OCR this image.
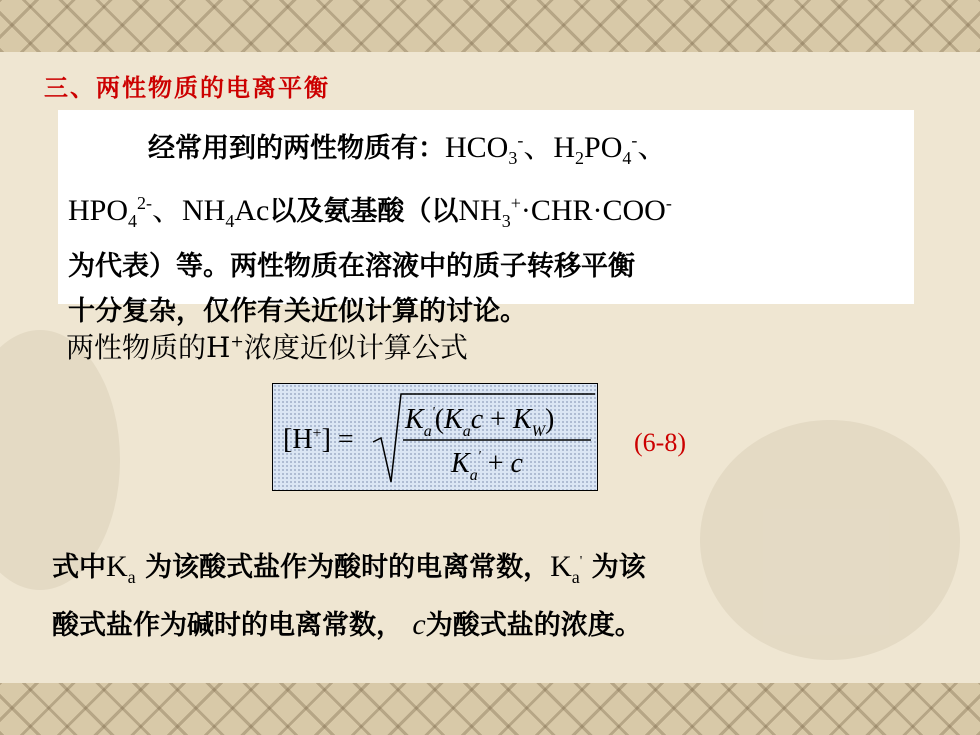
三、两性物质的电离平衡

经常用到的两性物质有：$HCO_3^-$、$H_2PO_4^-$、
$HPO_4^{2-}$、$NH_4Ac$以及氨基酸（以$NH_3^+\cdot CHR\cdot COO^-$
为代表）等。两性物质在溶液中的质子转移平衡
十分复杂，仅作有关近似计算的讨论。

两性物质的H+浓度近似计算公式
[H+] =
$K_a'(K_ac + K_W)$
$K_a' + c$
(6-8)
式中$K_a$ 为该酸式盐作为酸时的电离常数，$K_a'$ 为该
酸式盐作为碱时的电离常数， c为酸式盐的浓度。
